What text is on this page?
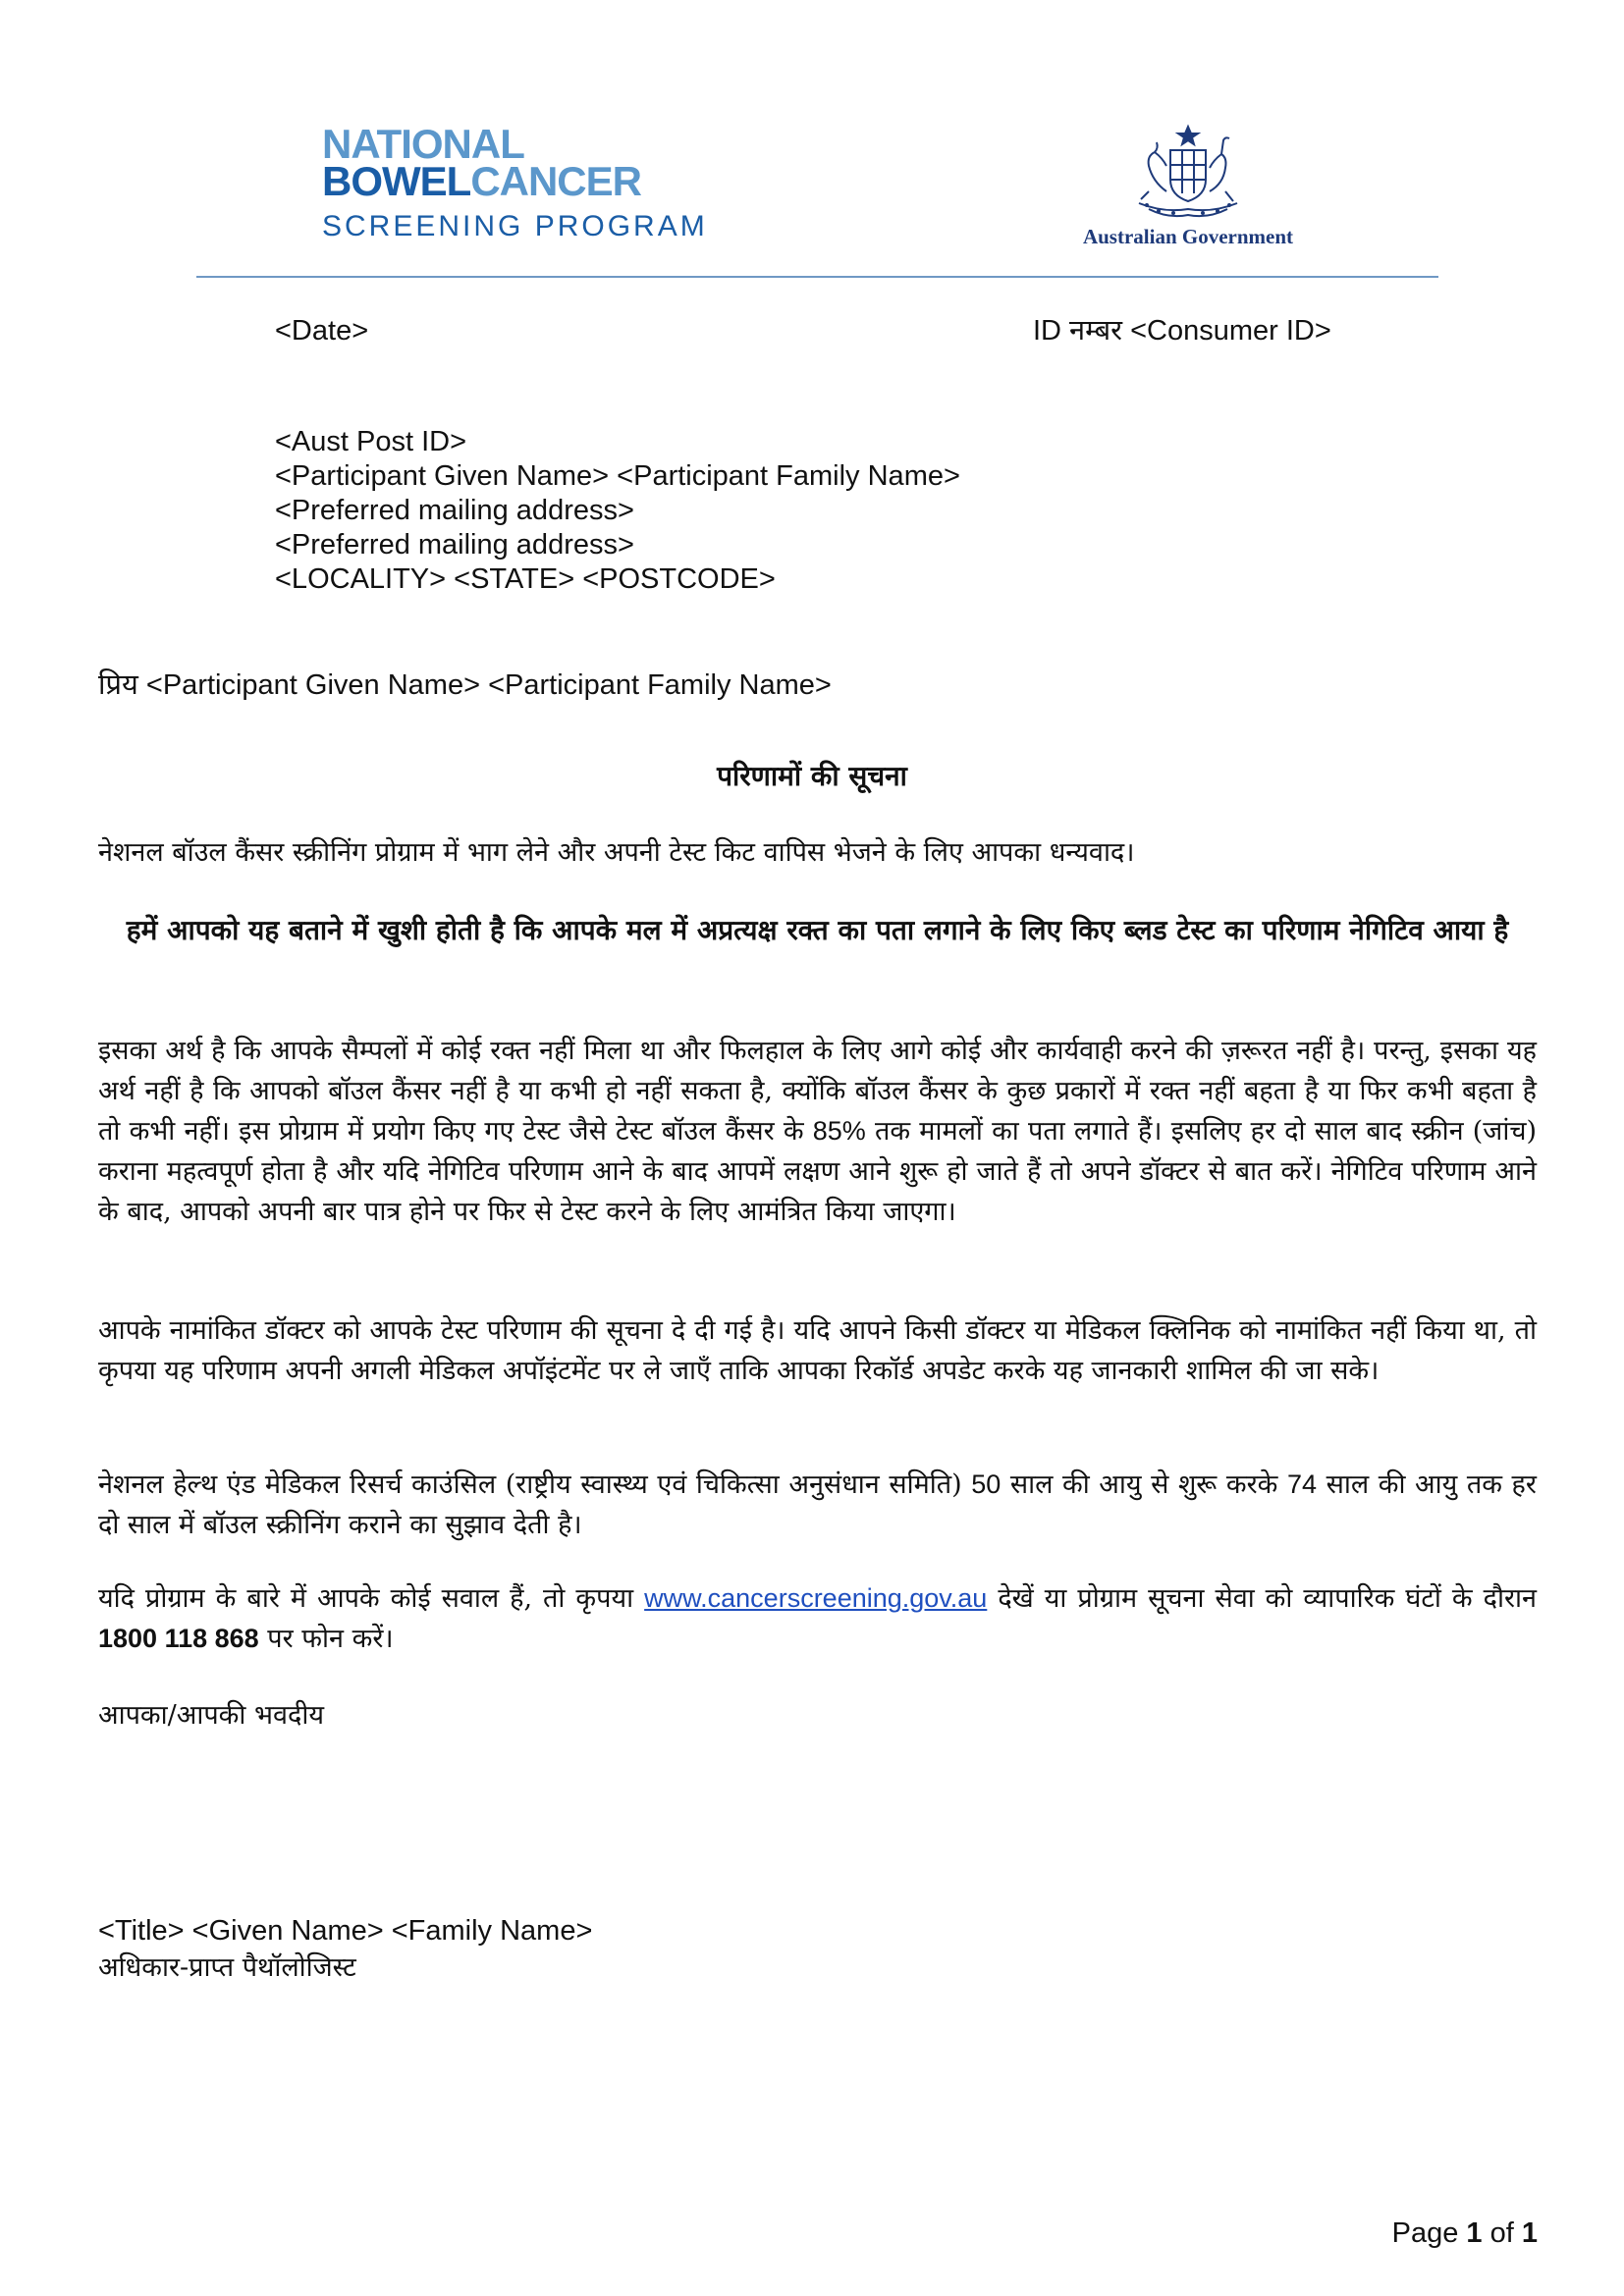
NATIONAL
BOWELCANCER
SCREENING PROGRAM	Australian Government
<Date>	ID नम्बर <Consumer ID>
<Aust Post ID>
<Participant Given Name> <Participant Family Name>
<Preferred mailing address>
<Preferred mailing address>
<LOCALITY> <STATE> <POSTCODE>
प्रिय <Participant Given Name> <Participant Family Name>
परिणामों की सूचना
नेशनल बॉउल कैंसर स्क्रीनिंग प्रोग्राम में भाग लेने और अपनी टेस्ट किट वापिस भेजने के लिए आपका धन्यवाद।
हमें आपको यह बताने में खुशी होती है कि आपके मल में अप्रत्यक्ष रक्त का पता लगाने के लिए किए ब्लड टेस्ट का परिणाम नेगिटिव आया है
इसका अर्थ है कि आपके सैम्पलों में कोई रक्त नहीं मिला था और फिलहाल के लिए आगे कोई और कार्यवाही करने की ज़रूरत नहीं है। परन्तु, इसका यह अर्थ नहीं है कि आपको बॉउल कैंसर नहीं है या कभी हो नहीं सकता है, क्योंकि बॉउल कैंसर के कुछ प्रकारों में रक्त नहीं बहता है या फिर कभी बहता है तो कभी नहीं। इस प्रोग्राम में प्रयोग किए गए टेस्ट जैसे टेस्ट बॉउल कैंसर के 85% तक मामलों का पता लगाते हैं। इसलिए हर दो साल बाद स्क्रीन (जांच) कराना महत्वपूर्ण होता है और यदि नेगिटिव परिणाम आने के बाद आपमें लक्षण आने शुरू हो जाते हैं तो अपने डॉक्टर से बात करें। नेगिटिव परिणाम आने के बाद, आपको अपनी बार पात्र होने पर फिर से टेस्ट करने के लिए आमंत्रित किया जाएगा।
आपके नामांकित डॉक्टर को आपके टेस्ट परिणाम की सूचना दे दी गई है। यदि आपने किसी डॉक्टर या मेडिकल क्लिनिक को नामांकित नहीं किया था, तो कृपया यह परिणाम अपनी अगली मेडिकल अपॉइंटमेंट पर ले जाएँ ताकि आपका रिकॉर्ड अपडेट करके यह जानकारी शामिल की जा सके।
नेशनल हेल्थ एंड मेडिकल रिसर्च काउंसिल (राष्ट्रीय स्वास्थ्य एवं चिकित्सा अनुसंधान समिति) 50 साल की आयु से शुरू करके 74 साल की आयु तक हर दो साल में बॉउल स्क्रीनिंग कराने का सुझाव देती है।
यदि प्रोग्राम के बारे में आपके कोई सवाल हैं, तो कृपया www.cancerscreening.gov.au देखें या प्रोग्राम सूचना सेवा को व्यापारिक घंटों के दौरान 1800 118 868 पर फोन करें।
आपका/आपकी भवदीय
<Title> <Given Name> <Family Name>
अधिकार-प्राप्त पैथॉलोजिस्ट
Page 1 of 1
